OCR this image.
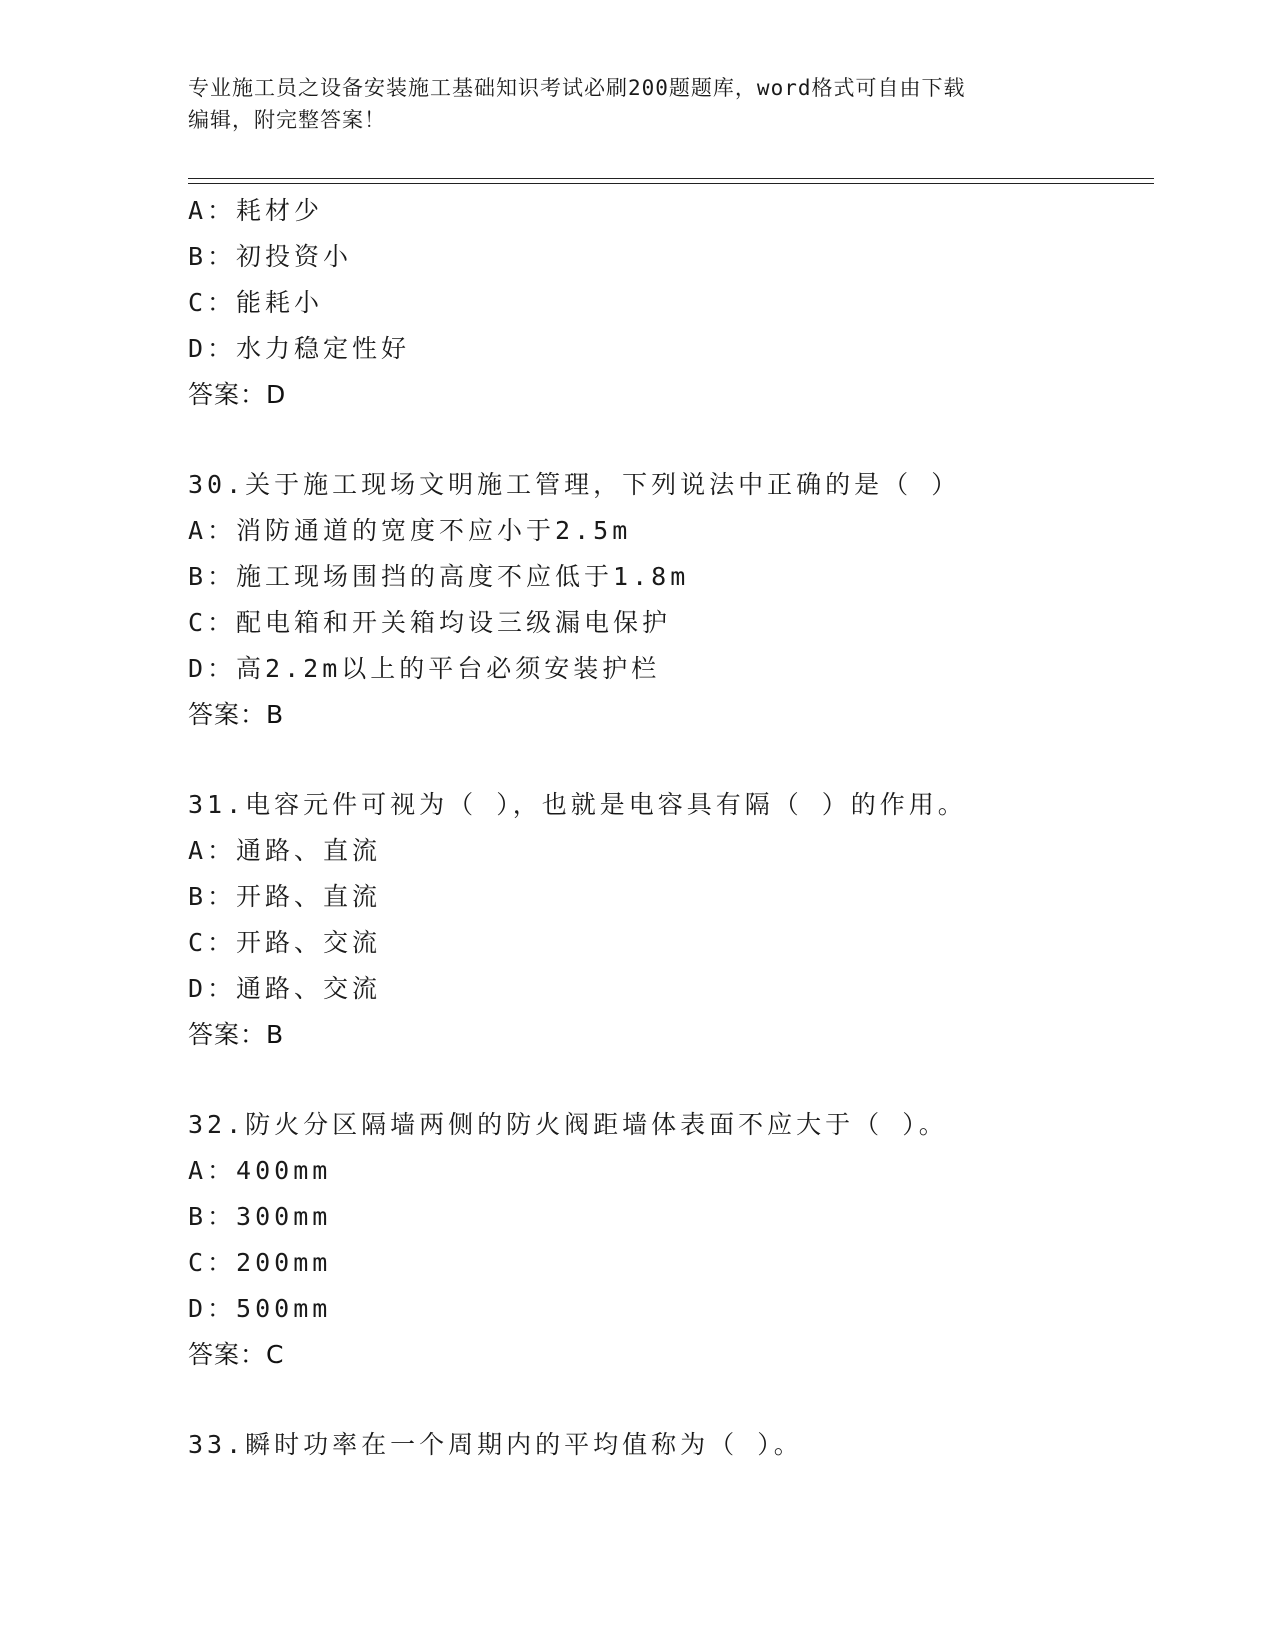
专业施工员之设备安装施工基础知识考试必刷200题题库，word格式可自由下载
编辑，附完整答案！
A：耗材少
B：初投资小
C：能耗小
D：水力稳定性好
答案：D
30.关于施工现场文明施工管理，下列说法中正确的是（ ）
A：消防通道的宽度不应小于2.5m
B：施工现场围挡的高度不应低于1.8m
C：配电箱和开关箱均设三级漏电保护
D：高2.2m以上的平台必须安装护栏
答案：B
31.电容元件可视为（ ），也就是电容具有隔（ ）的作用。
A：通路、直流
B：开路、直流
C：开路、交流
D：通路、交流
答案：B
32.防火分区隔墙两侧的防火阀距墙体表面不应大于（ ）。
A：400mm
B：300mm
C：200mm
D：500mm
答案：C
33.瞬时功率在一个周期内的平均值称为（ ）。
